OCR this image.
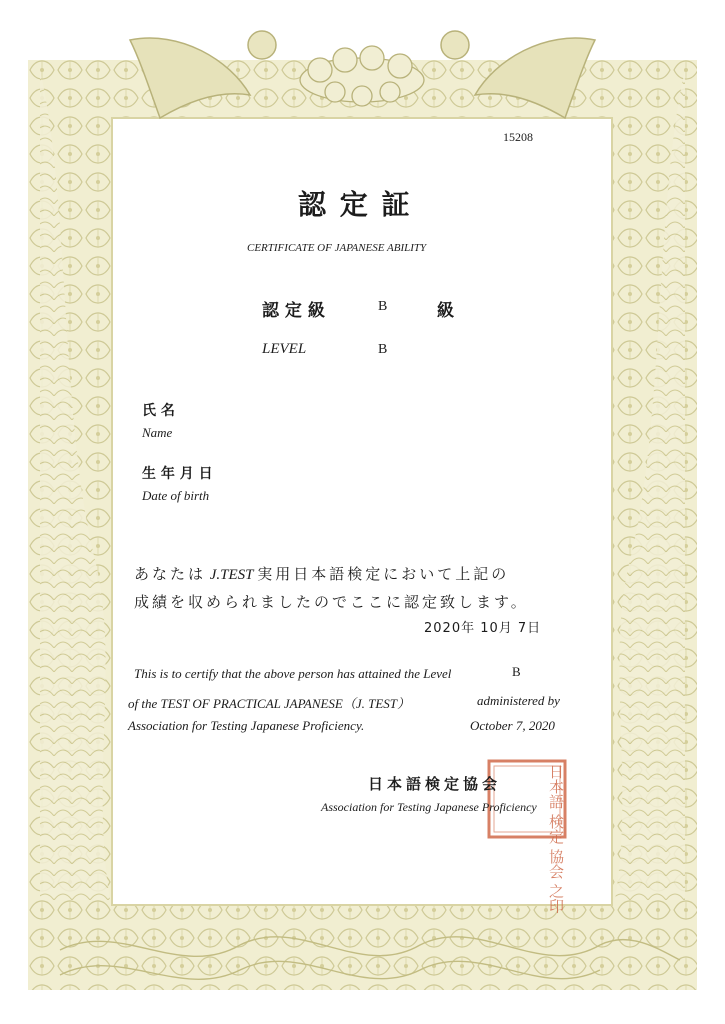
15208
認 定 証
CERTIFICATE OF JAPANESE ABILITY
認 定 級	B	級
LEVEL	B
氏 名
Name
生 年 月 日
Date of birth
あなたは J.TEST 実用日本語検定において上記の
成績を収められましたのでここに認定致します。
2020年 10月 7日
This is to certify that the above person has attained the Level	B
of the TEST OF PRACTICAL JAPANESE（J. TEST）	administered by
Association for Testing Japanese Proficiency.	October 7, 2020
日本語 検定 協会 之印
日本語検定協会
Association for Testing Japanese Proficiency
